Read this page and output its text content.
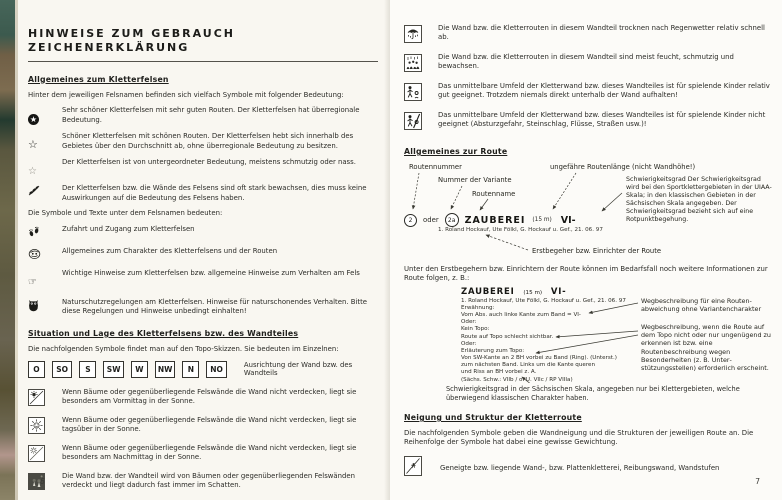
HINWEISE ZUM GEBRAUCH
ZEICHENERKLÄRUNG
Allgemeines zum Kletterfelsen

Hinter dem jeweiligen Felsnamen befinden sich vielfach Symbole mit folgender Bedeutung:

★
Sehr schöner Kletterfelsen mit sehr guten Routen. Der Kletterfelsen hat überregionale Bedeutung.
☆
Schöner Kletterfelsen mit schönen Routen. Der Kletterfelsen hebt sich innerhalb des Gebietes über den Durchschnitt ab, ohne überregionale Bedeutung zu besitzen.
☆
Der Kletterfelsen ist von untergeordneter Bedeutung, meistens schmutzig oder nass.
Der Kletterfelsen bzw. die Wände des Felsens sind oft stark bewachsen, dies muss keine Auswirkungen auf die Bedeutung des Felsens haben.
Die Symbole und Texte unter dem Felsnamen bedeuten:
Zufahrt und Zugang zum Kletterfelsen
Allgemeines zum Charakter des Kletterfelsens und der Routen
☞
Wichtige Hinweise zum Kletterfelsen bzw. allgemeine Hinweise zum Verhalten am Fels
Naturschutzregelungen am Kletterfelsen. Hinweise für naturschonendes Verhalten. Bitte diese Regelungen und Hinweise unbedingt einhalten!
Situation und Lage des Kletterfelsens bzw. des Wandteiles

Die nachfolgenden Symbole findet man auf den Topo-Skizzen. Sie bedeuten im Einzelnen:

O	SO	S	SW	W	NW	N	NO	Ausrichtung der Wand bzw. des Wandteils
Wenn Bäume oder gegenüberliegende Felswände die Wand nicht verdecken, liegt sie besonders am Vormittag in der Sonne.
Wenn Bäume oder gegenüberliegende Felswände die Wand nicht verdecken, liegt sie tagsüber in der Sonne.
Wenn Bäume oder gegenüberliegende Felswände die Wand nicht verdecken, liegt sie besonders am Nachmittag in der Sonne.
Die Wand bzw. der Wandteil wird von Bäumen oder gegenüberliegenden Felswänden verdeckt und liegt dadurch fast immer im Schatten.
6
Die Wand bzw. die Kletterrouten in diesem Wandteil trocknen nach Regenwetter relativ schnell ab.
Die Wand bzw. die Kletterrouten in diesem Wandteil sind meist feucht, schmutzig und bewachsen.
Das unmittelbare Umfeld der Kletterwand bzw. dieses Wandteiles ist für spielende Kinder relativ gut geeignet. Trotzdem niemals direkt unterhalb der Wand aufhalten!
Das unmittelbare Umfeld der Kletterwand bzw. dieses Wandteiles ist für spielende Kinder nicht geeignet (Absturzgefahr, Steinschlag, Flüsse, Straßen usw.)!
Allgemeines zur Route
Routennummer	ungefähre Routenlänge (nicht Wandhöhe!)
Nummer der Variante
Routenname
Schwierigkeitsgrad Der Schwierigkeitsgrad wird bei den Sportklettergebieten in der UIAA-Skala; in den klassischen Gebieten in der Sächsischen Skala angegeben. Der Schwierigkeitsgrad bezieht sich auf eine Rotpunktbegehung.
2	oder	2a ZAUBEREI (15 m) VI-
1. Roland Hockauf, Ute Fölkl, G. Hockauf u. Gef., 21. 06. 97
Erstbegeher bzw. Einrichter der Route

Unter den Erstbegehern bzw. Einrichtern der Route können im Bedarfsfall noch weitere Informationen zur Route folgen, z. B.:

ZAUBEREI (15 m) VI-
1. Roland Hockauf, Ute Fölkl, G. Hockauf u. Gef., 21. 06. 97
Erwähnung:
Vom Abs. auch linke Kante zum Band = VI-
Oder:
Kein Topo:
Route auf Topo schlecht sichtbar.
Oder:
Erläuterung zum Topo:
Von SW-Kante an 2 BH vorbei zu Band (Ring). (Unterst.)
zum nächsten Band. Links um die Kante queren
und Riss an BH vorbei z. A.
(Sächs. Schw.: VIIb / o. U. VIIc / RP VIIIa)
Wegbeschreibung für eine Routenabweichung ohne Variantencharakter
Wegbeschreibung, wenn die Route auf dem Topo nicht oder nur ungenügend zu erkennen ist bzw. eine Routenbeschreibung wegen Besonderheiten (z. B. Unterstützungsstellen) erforderlich erscheint.
Schwierigkeitsgrad in der Sächsischen Skala, angegeben nur bei Klettergebieten, welche überwiegend klassischen Charakter haben.
Neigung und Struktur der Kletterroute

Die nachfolgenden Symbole geben die Wandneigung und die Strukturen der jeweiligen Route an. Die Reihenfolge der Symbole hat dabei eine gewisse Gewichtung.

Geneigte bzw. liegende Wand-, bzw. Plattenkletterei, Reibungswand, Wandstufen
7
